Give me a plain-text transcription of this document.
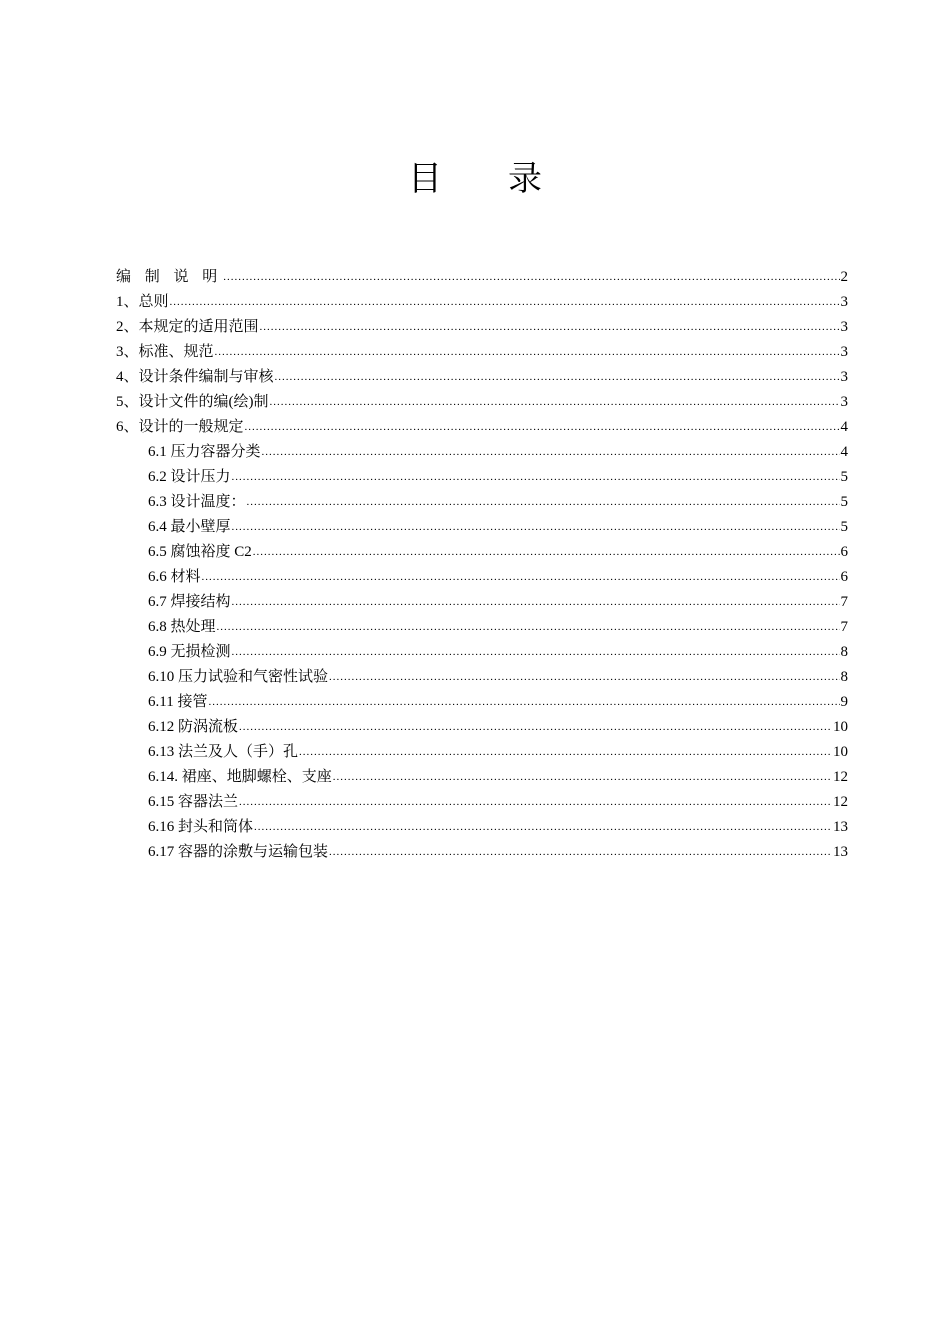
目 录
编 制 说 明 .....	2
1、总则 .....	3
2、本规定的适用范围 .....	3
3、标准、规范 .....	3
4、设计条件编制与审核 .....	3
5、设计文件的编(绘)制 .....	3
6、设计的一般规定 .....	4
6.1 压力容器分类 .....	4
6.2 设计压力 .....	5
6.3 设计温度： .....	5
6.4 最小壁厚 .....	5
6.5 腐蚀裕度 C2 .....	6
6.6 材料 .....	6
6.7 焊接结构 .....	7
6.8 热处理 .....	7
6.9 无损检测 .....	8
6.10 压力试验和气密性试验 .....	8
6.11 接管 .....	9
6.12 防涡流板 .....	10
6.13 法兰及人（手）孔 .....	10
6.14. 裙座、地脚螺栓、支座 .....	12
6.15 容器法兰 .....	12
6.16 封头和筒体 .....	13
6.17 容器的涂敷与运输包装 .....	13
